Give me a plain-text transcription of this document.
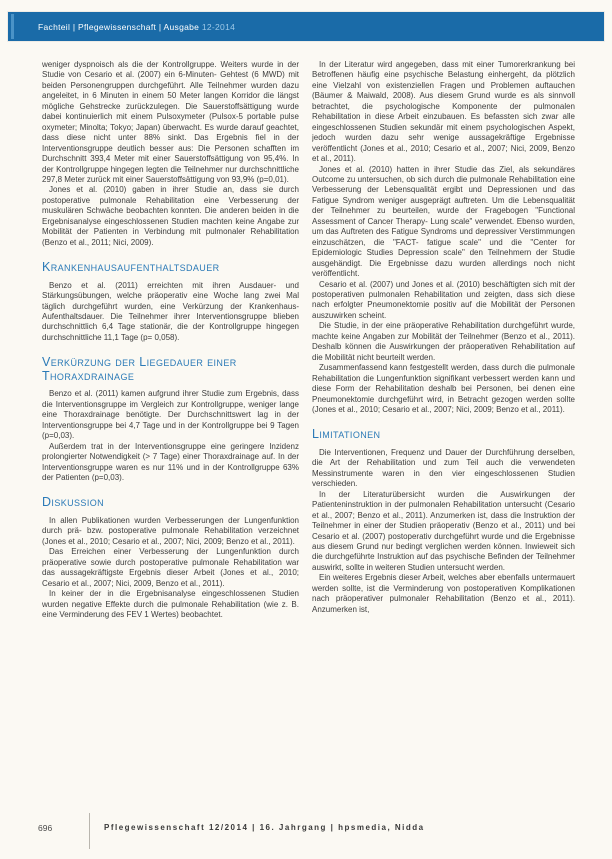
Fachteil | Pflegewissenschaft | Ausgabe 12-2014

weniger dyspnoisch als die der Kontrollgruppe. Weiters wurde in der Studie von Cesario et al. (2007) ein 6-Minuten- Gehtest (6 MWD) mit beiden Personengruppen durchgeführt. Alle Teilnehmer wurden dazu angeleitet, in 6 Minuten in einem 50 Meter langen Korridor die längst mögliche Gehstrecke zurückzulegen. Die Sauerstoffsättigung wurde dabei kontinuierlich mit einem Pulsoxymeter (Pulsox-5 portable pulse oxymeter; Minolta; Tokyo; Japan) überwacht. Es wurde darauf geachtet, dass diese nicht unter 88% sinkt. Das Ergebnis fiel in der Interventionsgruppe deutlich besser aus: Die Personen schafften im Durchschnitt 393,4 Meter mit einer Sauerstoffsättigung von 95,4%. In der Kontrollgruppe hingegen legten die Teilnehmer nur durchschnittliche 297,8 Meter zurück mit einer Sauerstoffsättigung von 93,9% (p=0,01).

Jones et al. (2010) gaben in ihrer Studie an, dass sie durch postoperative pulmonale Rehabilitation eine Verbesserung der muskulären Schwäche beobachten konnten. Die anderen beiden in die Ergebnisanalyse eingeschlossenen Studien machten keine Angabe zur Mobilität der Patienten in Verbindung mit pulmonaler Rehabilitation (Benzo et al., 2011; Nici, 2009).

Krankenhausaufenthaltsdauer

Benzo et al. (2011) erreichten mit ihren Ausdauer- und Stärkungsübungen, welche präoperativ eine Woche lang zwei Mal täglich durchgeführt wurden, eine Verkürzung der Krankenhaus- Aufenthaltsdauer. Die Teilnehmer ihrer Interventionsgruppe blieben durchschnittlich 6,4 Tage stationär, die der Kontrollgruppe hingegen durchschnittliche 11,1 Tage (p= 0,058).

Verkürzung der Liegedauer einer Thoraxdrainage

Benzo et al. (2011) kamen aufgrund ihrer Studie zum Ergebnis, dass die Interventionsgruppe im Vergleich zur Kontrollgruppe, weniger lange eine Thoraxdrainage benötigte. Der Durchschnittswert lag in der Interventionsgruppe bei 4,7 Tage und in der Kontrollgruppe bei 9 Tagen (p=0,03).

Außerdem trat in der Interventionsgruppe eine geringere Inzidenz prolongierter Notwendigkeit (> 7 Tage) einer Thoraxdrainage auf. In der Interventionsgruppe waren es nur 11% und in der Kontrollgruppe 63% der Patienten (p=0,03).

Diskussion

In allen Publikationen wurden Verbesserungen der Lungenfunktion durch prä- bzw. postoperative pulmonale Rehabilitation verzeichnet (Jones et al., 2010; Cesario et al., 2007; Nici, 2009; Benzo et al., 2011).

Das Erreichen einer Verbesserung der Lungenfunktion durch präoperative sowie durch postoperative pulmonale Rehabilitation war das aussagekräftigste Ergebnis dieser Arbeit (Jones et al., 2010; Cesario et al., 2007; Nici, 2009, Benzo et al., 2011).

In keiner der in die Ergebnisanalyse eingeschlossenen Studien wurden negative Effekte durch die pulmonale Rehabilitation (wie z. B. eine Verminderung des FEV 1 Wertes) beobachtet.

In der Literatur wird angegeben, dass mit einer Tumorerkrankung bei Betroffenen häufig eine psychische Belastung einhergeht, da plötzlich eine Vielzahl von existenziellen Fragen und Problemen auftauchen (Bäumer & Maiwald, 2008). Aus diesem Grund wurde es als sinnvoll betrachtet, die psychologische Komponente der pulmonalen Rehabilitation in diese Arbeit einzubauen. Es befassten sich zwar alle eingeschlossenen Studien sekundär mit einem psychologischen Aspekt, jedoch wurden dazu sehr wenige aussagekräftige Ergebnisse veröffentlicht (Jones et al., 2010; Cesario et al., 2007; Nici, 2009, Benzo et al., 2011).

Jones et al. (2010) hatten in ihrer Studie das Ziel, als sekundäres Outcome zu untersuchen, ob sich durch die pulmonale Rehabilitation eine Verbesserung der Lebensqualität ergibt und Depressionen und das Fatigue Syndrom weniger ausgeprägt auftreten. Um die Lebensqualität der Teilnehmer zu beurteilen, wurde der Fragebogen "Functional Assessment of Cancer Therapy- Lung scale" verwendet. Ebenso wurden, um das Auftreten des Fatigue Syndroms und depressiver Verstimmungen einzuschätzen, die "FACT- fatigue scale" und die "Center for Epidemiologic Studies Depression scale" den Teilnehmern der Studie ausgehändigt. Die Ergebnisse dazu wurden allerdings noch nicht veröffentlicht.

Cesario et al. (2007) und Jones et al. (2010) beschäftigten sich mit der postoperativen pulmonalen Rehabilitation und zeigten, dass sich diese nach erfolgter Pneumonektomie positiv auf die Mobilität der Personen auszuwirken scheint.

Die Studie, in der eine präoperative Rehabilitation durchgeführt wurde, machte keine Angaben zur Mobilität der Teilnehmer (Benzo et al., 2011). Deshalb können die Auswirkungen der präoperativen Rehabilitation auf die Mobilität nicht beurteilt werden.

Zusammenfassend kann festgestellt werden, dass durch die pulmonale Rehabilitation die Lungenfunktion signifikant verbessert werden kann und diese Form der Rehabilitation deshalb bei Personen, bei denen eine Pneumonektomie durchgeführt wird, in Betracht gezogen werden sollte (Jones et al., 2010; Cesario et al., 2007; Nici, 2009; Benzo et al., 2011).

Limitationen

Die Interventionen, Frequenz und Dauer der Durchführung derselben, die Art der Rehabilitation und zum Teil auch die verwendeten Messinstrumente waren in den vier eingeschlossenen Studien verschieden.

In der Literaturübersicht wurden die Auswirkungen der Patienteninstruktion in der pulmonalen Rehabilitation untersucht (Cesario et al., 2007; Benzo et al., 2011). Anzumerken ist, dass die Instruktion der Teilnehmer in einer der Studien präoperativ (Benzo et al., 2011) und bei Cesario et al. (2007) postoperativ durchgeführt wurde und die Ergebnisse aus diesem Grund nur bedingt verglichen werden können. Inwieweit sich die durchgeführte Instruktion auf das psychische Befinden der Teilnehmer auswirkt, sollte in weiteren Studien untersucht werden.

Ein weiteres Ergebnis dieser Arbeit, welches aber ebenfalls untermauert werden sollte, ist die Verminderung von postoperativen Komplikationen nach präoperativer pulmonaler Rehabilitation (Benzo et al., 2011). Anzumerken ist,

696	Pflegewissenschaft 12/2014 | 16. Jahrgang | hpsmedia, Nidda
